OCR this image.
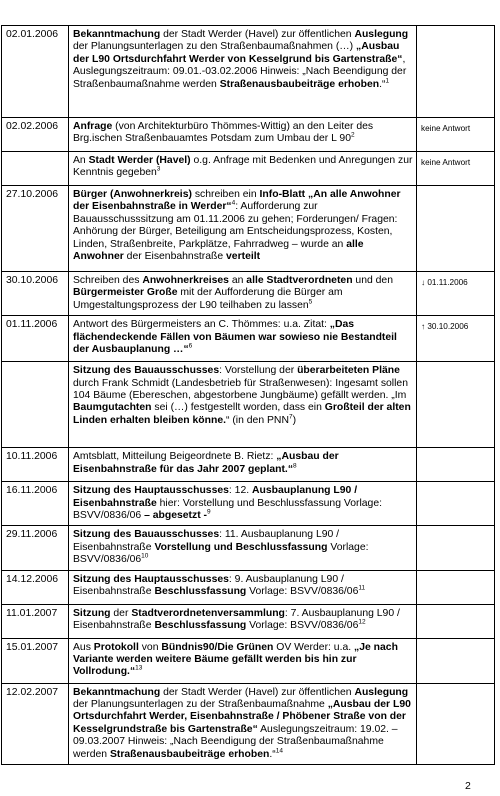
02.01.2006	Bekanntmachung der Stadt Werder (Havel) zur öffentlichen Auslegung der Planungsunterlagen zu den Straßenbaumaßnahmen (…) „Ausbau der L90 Ortsdurchfahrt Werder von Kesselgrund bis Gartenstraße“, Auslegungszeitraum: 09.01.-03.02.2006 Hinweis: „Nach Beendigung der Straßenbaumaßnahme werden Straßenausbaubeiträge erhoben.“$^1$	
02.02.2006	Anfrage (von Architekturbüro Thömmes-Wittig) an den Leiter des Brg.ischen Straßenbauamtes Potsdam zum Umbau der L $90^2$	keine Antwort
	An Stadt Werder (Havel) o.g. Anfrage mit Bedenken und Anregungen zur Kenntnis gegeben$^3$	keine Antwort
27.10.2006	Bürger (Anwohnerkreis) schreiben ein Info-Blatt „An alle Anwohner der Eisenbahnstraße in Werder“$^4$: Aufforderung zur Bauausschusssitzung am 01.11.2006 zu gehen; Forderungen/ Fragen: Anhörung der Bürger, Beteiligung am Entscheidungsprozess, Kosten, Linden, Straßenbreite, Parkplätze, Fahrradweg – wurde an alle Anwohner der Eisenbahnstraße verteilt	
30.10.2006	Schreiben des Anwohnerkreises an alle Stadtverordneten und den Bürgermeister Große mit der Aufforderung die Bürger am Umgestaltungsprozess der L90 teilhaben zu lassen$^5$	↓ 01.11.2006
01.11.2006	Antwort des Bürgermeisters an C. Thömmes: u.a. Zitat: „Das flächendeckende Fällen von Bäumen war sowieso nie Bestandteil der Ausbauplanung …“$^6$	↑ 30.10.2006
	Sitzung des Bauausschusses: Vorstellung der überarbeiteten Pläne durch Frank Schmidt (Landesbetrieb für Straßenwesen): Ingesamt sollen 104 Bäume (Ebereschen, abgestorbene Jungbäume) gefällt werden. „Im Baumgutachten sei (…) festgestellt worden, dass ein Großteil der alten Linden erhalten bleiben könne.“ (in den PNN$^7$)	
10.11.2006	Amtsblatt, Mitteilung Beigeordnete B. Rietz: „Ausbau der Eisenbahnstraße für das Jahr 2007 geplant.“$^8$	
16.11.2006	Sitzung des Hauptausschusses: 12. Ausbauplanung L90 / Eisenbahnstraße hier: Vorstellung und Beschlussfassung Vorlage: BSVV/0836/06 – abgesetzt -$^9$	
29.11.2006	Sitzung des Bauausschusses: 11. Ausbauplanung L90 / Eisenbahnstraße Vorstellung und Beschlussfassung Vorlage: BSVV/$0836/06^{10}$	
14.12.2006	Sitzung des Hauptausschusses: 9. Ausbauplanung L90 / Eisenbahnstraße Beschlussfassung Vorlage: BSVV/$0836/06^{11}$	
11.01.2007	Sitzung der Stadtverordnetenversammlung: 7. Ausbauplanung L90 / Eisenbahnstraße Beschlussfassung Vorlage: BSVV/$0836/06^{12}$	
15.01.2007	Aus Protokoll von Bündnis90/Die Grünen OV Werder: u.a. „Je nach Variante werden weitere Bäume gefällt werden bis hin zur Vollrodung.“$^{13}$	
12.02.2007	Bekanntmachung der Stadt Werder (Havel) zur öffentlichen Auslegung der Planungsunterlagen zu der Straßenbaumaßnahme „Ausbau der L90 Ortsdurchfahrt Werder, Eisenbahnstraße / Phöbener Straße von der Kesselgrundstraße bis Gartenstraße“ Auslegungszeitraum: 19.02. – 09.03.2007 Hinweis: „Nach Beendigung der Straßenbaumaßnahme werden Straßenausbaubeiträge erhoben.“$^{14}$	
2
